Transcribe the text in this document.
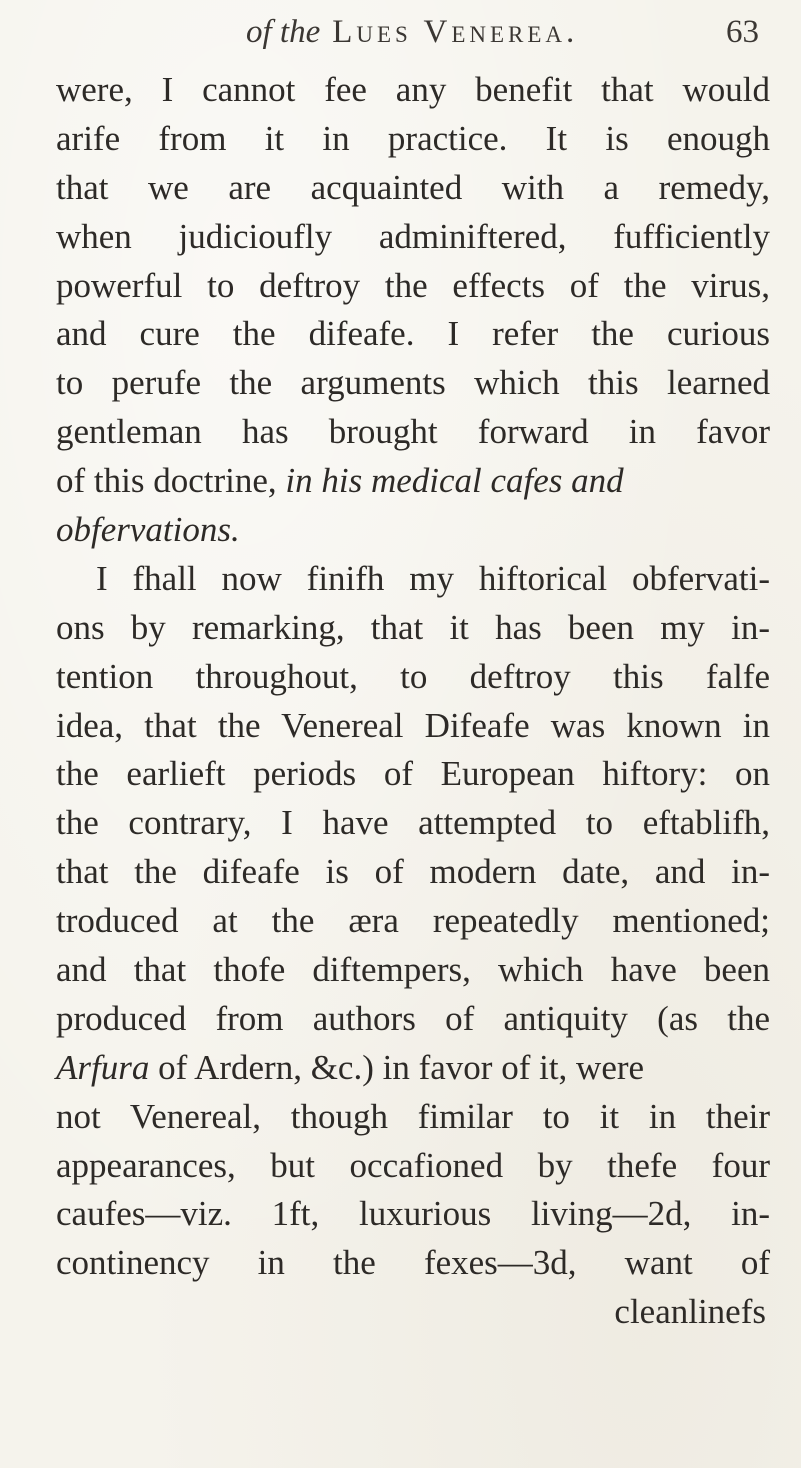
of the Lues Venerea.	63
were, I cannot fee any benefit that would
arife from it in practice. It is enough
that we are acquainted with a remedy,
when judicioufly adminiftered, fufficiently
powerful to deftroy the effects of the virus,
and cure the difeafe. I refer the curious
to perufe the arguments which this learned
gentleman has brought forward in favor
of this doctrine, in his medical cafes and
obfervations.
I fhall now finifh my hiftorical obfervati-
ons by remarking, that it has been my in-
tention throughout, to deftroy this falfe
idea, that the Venereal Difeafe was known in
the earlieft periods of European hiftory: on
the contrary, I have attempted to eftablifh,
that the difeafe is of modern date, and in-
troduced at the æra repeatedly mentioned;
and that thofe diftempers, which have been
produced from authors of antiquity (as the
Arfura of Ardern, &c.) in favor of it, were
not Venereal, though fimilar to it in their
appearances, but occafioned by thefe four
caufes—viz. 1ft, luxurious living—2d, in-
continency in the fexes—3d, want of
cleanlinefs
